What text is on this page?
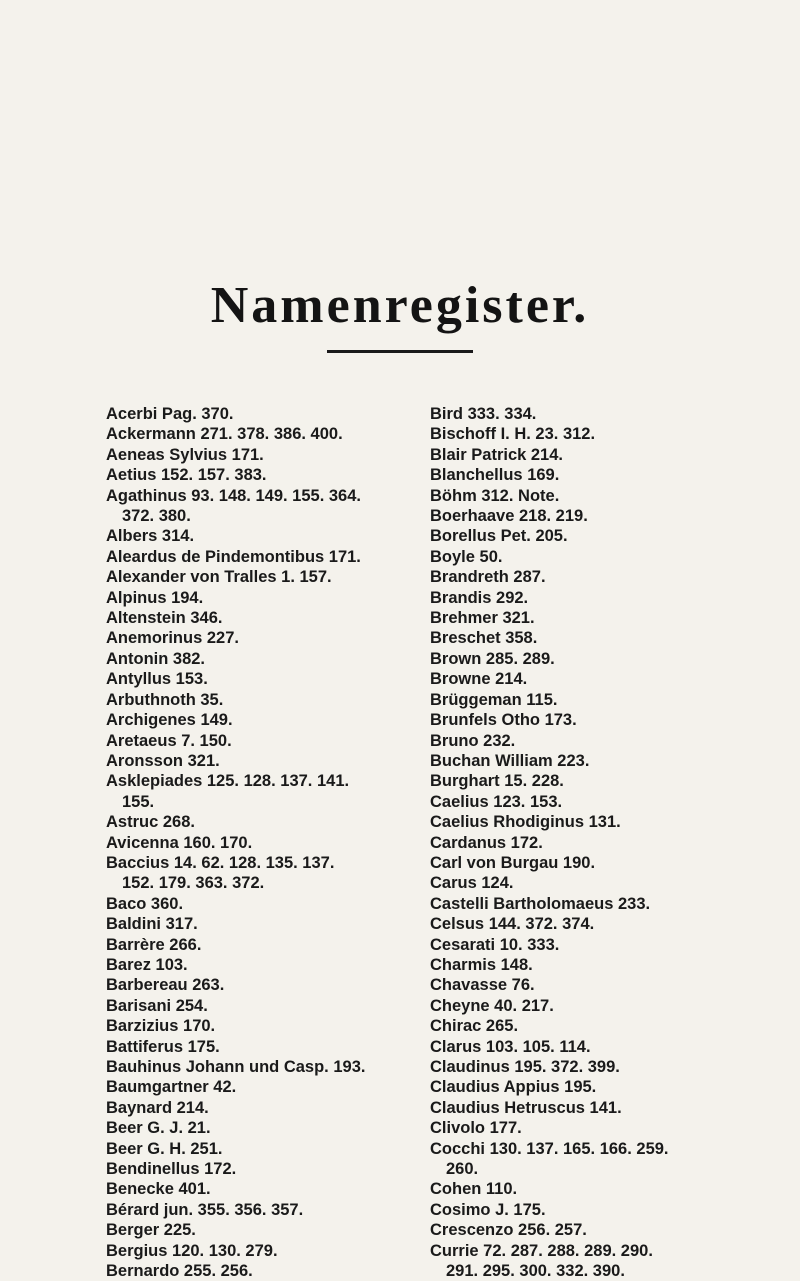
Namenregister.
Acerbi Pag. 370.
Ackermann 271. 378. 386. 400.
Aeneas Sylvius 171.
Aetius 152. 157. 383.
Agathinus 93. 148. 149. 155. 364.
372. 380.
Albers 314.
Aleardus de Pindemontibus 171.
Alexander von Tralles 1. 157.
Alpinus 194.
Altenstein 346.
Anemorinus 227.
Antonin 382.
Antyllus 153.
Arbuthnoth 35.
Archigenes 149.
Aretaeus 7. 150.
Aronsson 321.
Asklepiades 125. 128. 137. 141.
155.
Astruc 268.
Avicenna 160. 170.
Baccius 14. 62. 128. 135. 137.
152. 179. 363. 372.
Baco 360.
Baldini 317.
Barrère 266.
Barez 103.
Barbereau 263.
Barisani 254.
Barzizius 170.
Battiferus 175.
Bauhinus Johann und Casp. 193.
Baumgartner 42.
Baynard 214.
Beer G. J. 21.
Beer G. H. 251.
Bendinellus 172.
Benecke 401.
Bérard jun. 355. 356. 357.
Berger 225.
Bergius 120. 130. 279.
Bernardo 255. 256.
Bird 333. 334.
Bischoff I. H. 23. 312.
Blair Patrick 214.
Blanchellus 169.
Böhm 312. Note.
Boerhaave 218. 219.
Borellus Pet. 205.
Boyle 50.
Brandreth 287.
Brandis 292.
Brehmer 321.
Breschet 358.
Brown 285. 289.
Browne 214.
Brüggeman 115.
Brunfels Otho 173.
Bruno 232.
Buchan William 223.
Burghart 15. 228.
Caelius 123. 153.
Caelius Rhodiginus 131.
Cardanus 172.
Carl von Burgau 190.
Carus 124.
Castelli Bartholomaeus 233.
Celsus 144. 372. 374.
Cesarati 10. 333.
Charmis 148.
Chavasse 76.
Cheyne 40. 217.
Chirac 265.
Clarus 103. 105. 114.
Claudinus 195. 372. 399.
Claudius Appius 195.
Claudius Hetruscus 141.
Clivolo 177.
Cocchi 130. 137. 165. 166. 259.
260.
Cohen 110.
Cosimo J. 175.
Crescenzo 256. 257.
Currie 72. 287. 288. 289. 290.
291. 295. 300. 332. 390.
